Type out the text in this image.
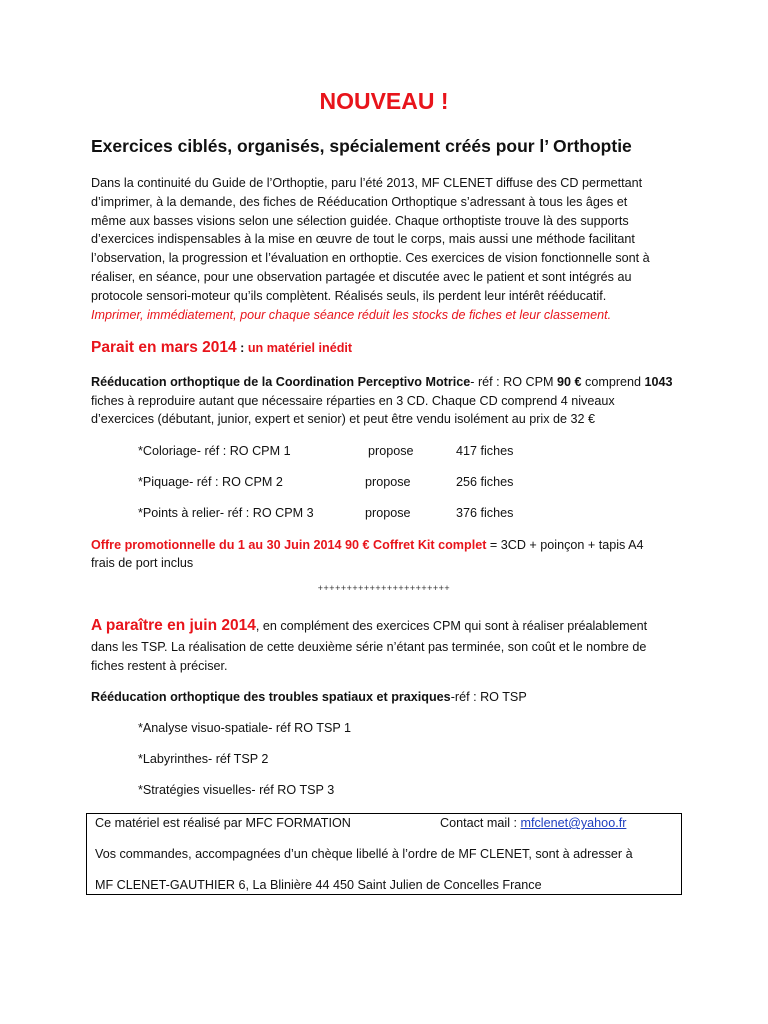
NOUVEAU !
Exercices ciblés, organisés, spécialement créés pour l’ Orthoptie
Dans la continuité du Guide de l’Orthoptie, paru l’été 2013, MF CLENET diffuse des CD permettant
d’imprimer, à la demande, des fiches de Rééducation Orthoptique s’adressant à tous les âges et
même aux basses visions selon une sélection guidée. Chaque orthoptiste trouve là des supports
d’exercices indispensables à la mise en œuvre de tout le corps, mais aussi une méthode facilitant
l’observation, la progression et l’évaluation en orthoptie. Ces exercices de vision fonctionnelle sont à
réaliser, en séance, pour une observation partagée et discutée avec le patient et sont intégrés au
protocole sensori-moteur qu’ils complètent. Réalisés seuls, ils perdent leur intérêt rééducatif.
Imprimer, immédiatement, pour chaque séance réduit les stocks de fiches et leur classement.
Parait en mars 2014 : un matériel inédit
Rééducation orthoptique de la Coordination Perceptivo Motrice- réf : RO CPM 90 € comprend 1043
fiches à reproduire autant que nécessaire réparties en 3 CD. Chaque CD comprend 4 niveaux
d’exercices (débutant, junior, expert et senior) et peut être vendu isolément au prix de 32 €
*Coloriage- réf : RO CPM 1	propose	417 fiches
*Piquage- réf : RO CPM 2	propose	256 fiches
*Points à relier- réf : RO CPM 3	propose	376 fiches
Offre promotionnelle du 1 au 30 Juin 2014 90 € Coffret Kit complet = 3CD + poinçon + tapis A4
frais de port inclus
+++++++++++++++++++++++
A paraître en juin 2014, en complément des exercices CPM qui sont à réaliser préalablement
dans les TSP. La réalisation de cette deuxième série n’étant pas terminée, son coût et le nombre de
fiches restent à préciser.
Rééducation orthoptique des troubles spatiaux et praxiques-réf : RO TSP
*Analyse visuo-spatiale- réf RO TSP 1
*Labyrinthes- réf TSP 2
*Stratégies visuelles- réf RO TSP 3
Ce matériel est réalisé par MFC FORMATION	Contact mail : mfclenet@yahoo.fr
Vos commandes, accompagnées d’un chèque libellé à l’ordre de MF CLENET, sont à adresser à
MF CLENET-GAUTHIER 6, La Blinière 44 450 Saint Julien de Concelles France
